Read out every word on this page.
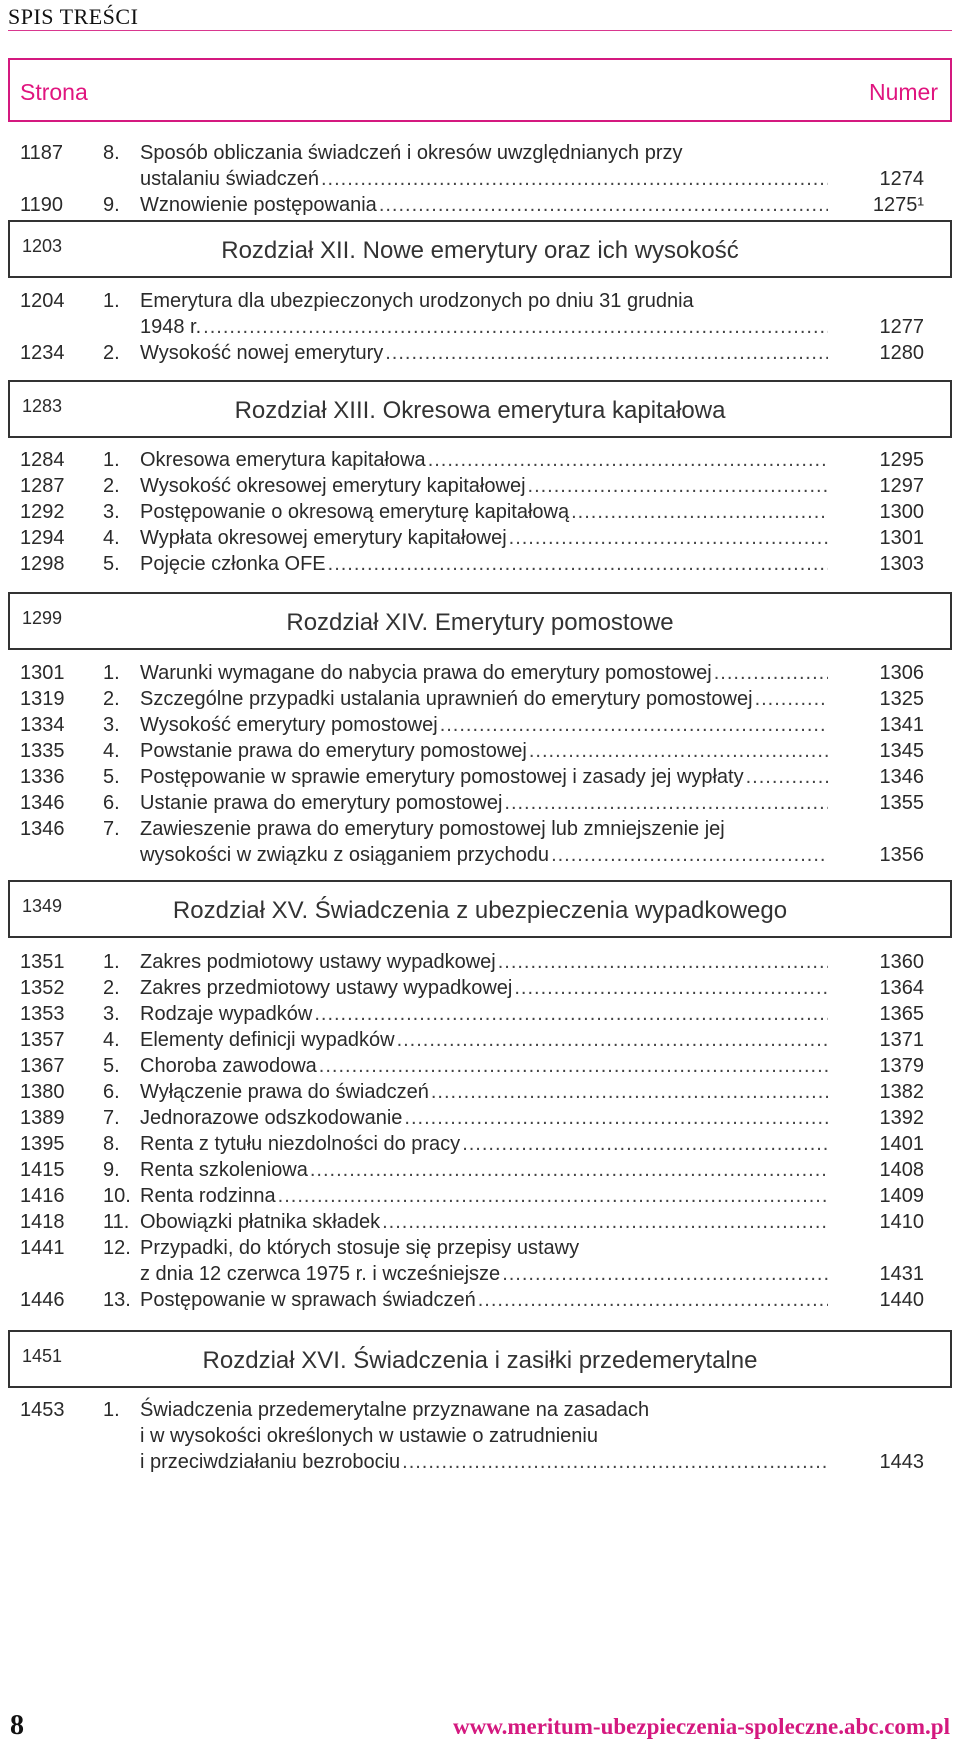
SPIS TREŚCI
Strona	Numer
1187 8. Sposób obliczania świadczeń i okresów uwzględnianych przy
ustalaniu świadczeń .....	1274
1190 9. Wznowienie postępowania .....	1275¹
1204 1. Emerytura dla ubezpieczonych urodzonych po dniu 31 grudnia
1948 r. .....	1277
1234 2. Wysokość nowej emerytury .....	1280
1284 1. Okresowa emerytura kapitałowa .....	1295
1287 2. Wysokość okresowej emerytury kapitałowej .....	1297
1292 3. Postępowanie o okresową emeryturę kapitałową .....	1300
1294 4. Wypłata okresowej emerytury kapitałowej .....	1301
1298 5. Pojęcie członka OFE .....	1303
1301 1. Warunki wymagane do nabycia prawa do emerytury pomostowej .....	1306
1319 2. Szczególne przypadki ustalania uprawnień do emerytury pomostowej .....	1325
1334 3. Wysokość emerytury pomostowej .....	1341
1335 4. Powstanie prawa do emerytury pomostowej .....	1345
1336 5. Postępowanie w sprawie emerytury pomostowej i zasady jej wypłaty .....	1346
1346 6. Ustanie prawa do emerytury pomostowej .....	1355
1346 7. Zawieszenie prawa do emerytury pomostowej lub zmniejszenie jej
wysokości w związku z osiąganiem przychodu .....	1356
1351 1. Zakres podmiotowy ustawy wypadkowej .....	1360
1352 2. Zakres przedmiotowy ustawy wypadkowej .....	1364
1353 3. Rodzaje wypadków .....	1365
1357 4. Elementy definicji wypadków .....	1371
1367 5. Choroba zawodowa .....	1379
1380 6. Wyłączenie prawa do świadczeń .....	1382
1389 7. Jednorazowe odszkodowanie .....	1392
1395 8. Renta z tytułu niezdolności do pracy .....	1401
1415 9. Renta szkoleniowa .....	1408
1416 10. Renta rodzinna .....	1409
1418 11. Obowiązki płatnika składek .....	1410
1441 12. Przypadki, do których stosuje się przepisy ustawy
z dnia 12 czerwca 1975 r. i wcześniejsze .....	1431
1446 13. Postępowanie w sprawach świadczeń .....	1440
1453 1. Świadczenia przedemerytalne przyznawane na zasadach
i w wysokości określonych w ustawie o zatrudnieniu
i przeciwdziałaniu bezrobociu .....	1443
1203	Rozdział XII. Nowe emerytury oraz ich wysokość
1283	Rozdział XIII. Okresowa emerytura kapitałowa
1299	Rozdział XIV. Emerytury pomostowe
1349	Rozdział XV. Świadczenia z ubezpieczenia wypadkowego
1451	Rozdział XVI. Świadczenia i zasiłki przedemerytalne
8	www.meritum-ubezpieczenia-spoleczne.abc.com.pl
